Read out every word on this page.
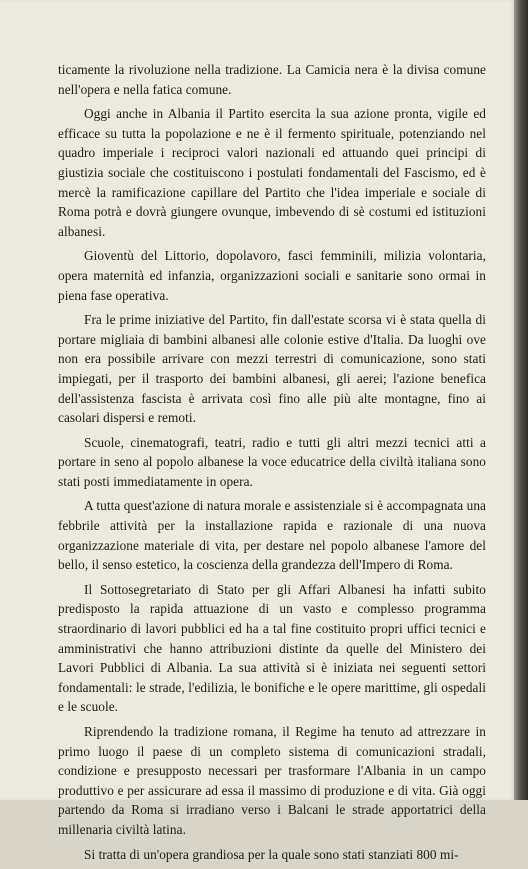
ticamente la rivoluzione nella tradizione. La Camicia nera è la divisa comune nell'opera e nella fatica comune.

Oggi anche in Albania il Partito esercita la sua azione pronta, vigile ed efficace su tutta la popolazione e ne è il fermento spirituale, potenziando nel quadro imperiale i reciproci valori nazionali ed attuando quei principi di giustizia sociale che costituiscono i postulati fondamentali del Fascismo, ed è mercè la ramificazione capillare del Partito che l'idea imperiale e sociale di Roma potrà e dovrà giungere ovunque, imbevendo di sè costumi ed istituzioni albanesi.

Gioventù del Littorio, dopolavoro, fasci femminili, milizia volontaria, opera maternità ed infanzia, organizzazioni sociali e sanitarie sono ormai in piena fase operativa.

Fra le prime iniziative del Partito, fin dall'estate scorsa vi è stata quella di portare migliaia di bambini albanesi alle colonie estive d'Italia. Da luoghi ove non era possibile arrivare con mezzi terrestri di comunicazione, sono stati impiegati, per il trasporto dei bambini albanesi, gli aerei; l'azione benefica dell'assistenza fascista è arrivata così fino alle più alte montagne, fino ai casolari dispersi e remoti.

Scuole, cinematografi, teatri, radio e tutti gli altri mezzi tecnici atti a portare in seno al popolo albanese la voce educatrice della civiltà italiana sono stati posti immediatamente in opera.

A tutta quest'azione di natura morale e assistenziale si è accompagnata una febbrile attività per la installazione rapida e razionale di una nuova organizzazione materiale di vita, per destare nel popolo albanese l'amore del bello, il senso estetico, la coscienza della grandezza dell'Impero di Roma.

Il Sottosegretariato di Stato per gli Affari Albanesi ha infatti subito predisposto la rapida attuazione di un vasto e complesso programma straordinario di lavori pubblici ed ha a tal fine costituito propri uffici tecnici e amministrativi che hanno attribuzioni distinte da quelle del Ministero dei Lavori Pubblici di Albania. La sua attività si è iniziata nei seguenti settori fondamentali: le strade, l'edilizia, le bonifiche e le opere marittime, gli ospedali e le scuole.

Riprendendo la tradizione romana, il Regime ha tenuto ad attrezzare in primo luogo il paese di un completo sistema di comunicazioni stradali, condizione e presupposto necessari per trasformare l'Albania in un campo produttivo e per assicurare ad essa il massimo di produzione e di vita. Già oggi partendo da Roma si irradiano verso i Balcani le strade apportatrici della millenaria civiltà latina.

Si tratta di un'opera grandiosa per la quale sono stati stanziati 800 mi-
